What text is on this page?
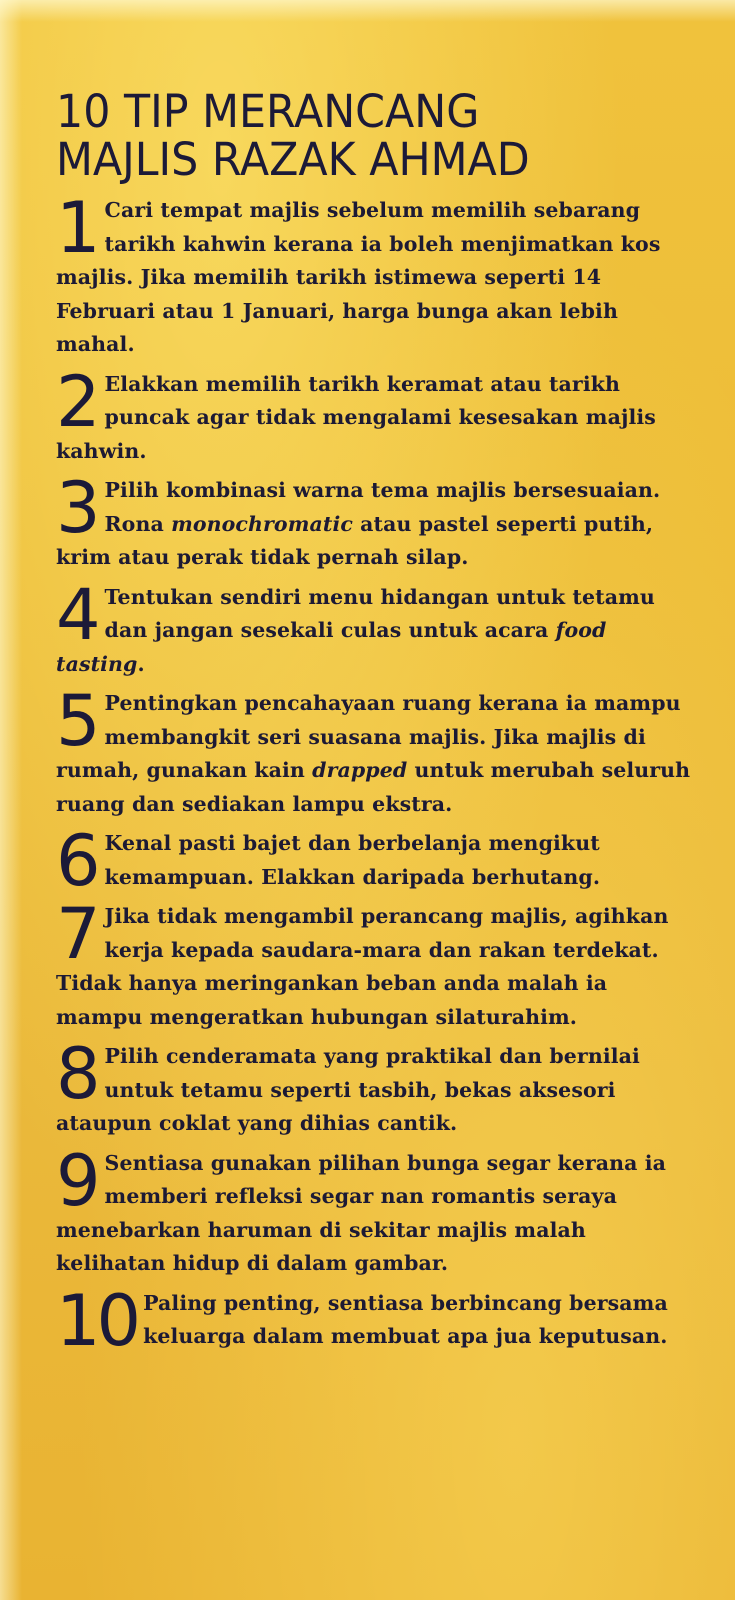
10 TIP MERANCANG
MAJLIS RAZAK AHMAD
1 Cari tempat majlis sebelum memilih sebarang tarikh kahwin kerana ia boleh menjimatkan kos majlis. Jika memilih tarikh istimewa seperti 14 Februari atau 1 Januari, harga bunga akan lebih mahal.
2 Elakkan memilih tarikh keramat atau tarikh puncak agar tidak mengalami kesesakan majlis kahwin.
3 Pilih kombinasi warna tema majlis bersesuaian. Rona monochromatic atau pastel seperti putih, krim atau perak tidak pernah silap.
4 Tentukan sendiri menu hidangan untuk tetamu dan jangan sesekali culas untuk acara food tasting.
5 Pentingkan pencahayaan ruang kerana ia mampu membangkit seri suasana majlis. Jika majlis di rumah, gunakan kain drapped untuk merubah seluruh ruang dan sediakan lampu ekstra.
6 Kenal pasti bajet dan berbelanja mengikut kemampuan. Elakkan daripada berhutang.
7 Jika tidak mengambil perancang majlis, agihkan kerja kepada saudara-mara dan rakan terdekat. Tidak hanya meringankan beban anda malah ia mampu mengeratkan hubungan silaturahim.
8 Pilih cenderamata yang praktikal dan bernilai untuk tetamu seperti tasbih, bekas aksesori ataupun coklat yang dihias cantik.
9 Sentiasa gunakan pilihan bunga segar kerana ia memberi refleksi segar nan romantis seraya menebarkan haruman di sekitar majlis malah kelihatan hidup di dalam gambar.
10 Paling penting, sentiasa berbincang bersama keluarga dalam membuat apa jua keputusan.
